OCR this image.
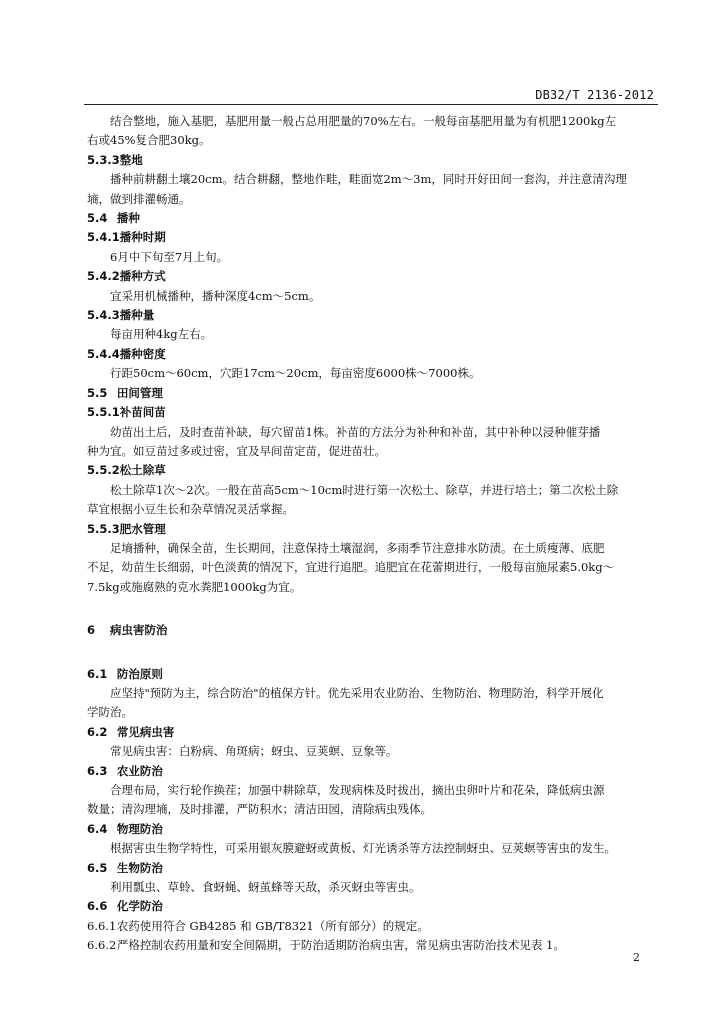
DB32/T 2136-2012
结合整地，施入基肥，基肥用量一般占总用肥量的70%左右。一般每亩基肥用量为有机肥1200kg左
右或45%复合肥30kg。
5.3.3整地
播种前耕翻土壤20cm。结合耕翻，整地作畦，畦面宽2m～3m，同时开好田间一套沟，并注意清沟理
墒，做到排灌畅通。
5.4 播种
5.4.1播种时期
6月中下旬至7月上旬。
5.4.2播种方式
宜采用机械播种，播种深度4cm～5cm。
5.4.3播种量
每亩用种4kg左右。
5.4.4播种密度
行距50cm～60cm，穴距17cm～20cm，每亩密度6000株～7000株。
5.5 田间管理
5.5.1补苗间苗
幼苗出土后，及时查苗补缺，每穴留苗1株。补苗的方法分为补种和补苗，其中补种以浸种催芽播
种为宜。如豆苗过多或过密，宜及早间苗定苗，促进苗壮。
5.5.2松土除草
松土除草1次～2次。一般在苗高5cm～10cm时进行第一次松土、除草，并进行培土；第二次松土除
草宜根据小豆生长和杂草情况灵活掌握。
5.5.3肥水管理
足墒播种，确保全苗，生长期间，注意保持土壤湿润，多雨季节注意排水防渍。在土质瘦薄、底肥
不足，幼苗生长细弱，叶色淡黄的情况下，宜进行追肥。追肥宜在花蕾期进行，一般每亩施尿素5.0kg～
7.5kg或施腐熟的克水粪肥1000kg为宜。
6 病虫害防治
6.1 防治原则
应坚持"预防为主，综合防治"的植保方针。优先采用农业防治、生物防治、物理防治，科学开展化
学防治。
6.2 常见病虫害
常见病虫害：白粉病、角斑病；蚜虫、豆荚螟、豆象等。
6.3 农业防治
合理布局，实行轮作换茬；加强中耕除草，发现病株及时拔出，摘出虫卵叶片和花朵，降低病虫源
数量；清沟理墒，及时排灌，严防积水；清洁田园，清除病虫残体。
6.4 物理防治
根据害虫生物学特性，可采用银灰膜避蚜或黄板、灯光诱杀等方法控制蚜虫、豆荚螟等害虫的发生。
6.5 生物防治
利用瓢虫、草蛉、食蚜蝇、蚜茧蜂等天敌，杀灭蚜虫等害虫。
6.6 化学防治
6.6.1农药使用符合 GB4285 和 GB/T8321（所有部分）的规定。
6.6.2严格控制农药用量和安全间隔期，于防治适期防治病虫害，常见病虫害防治技术见表 1。
2
